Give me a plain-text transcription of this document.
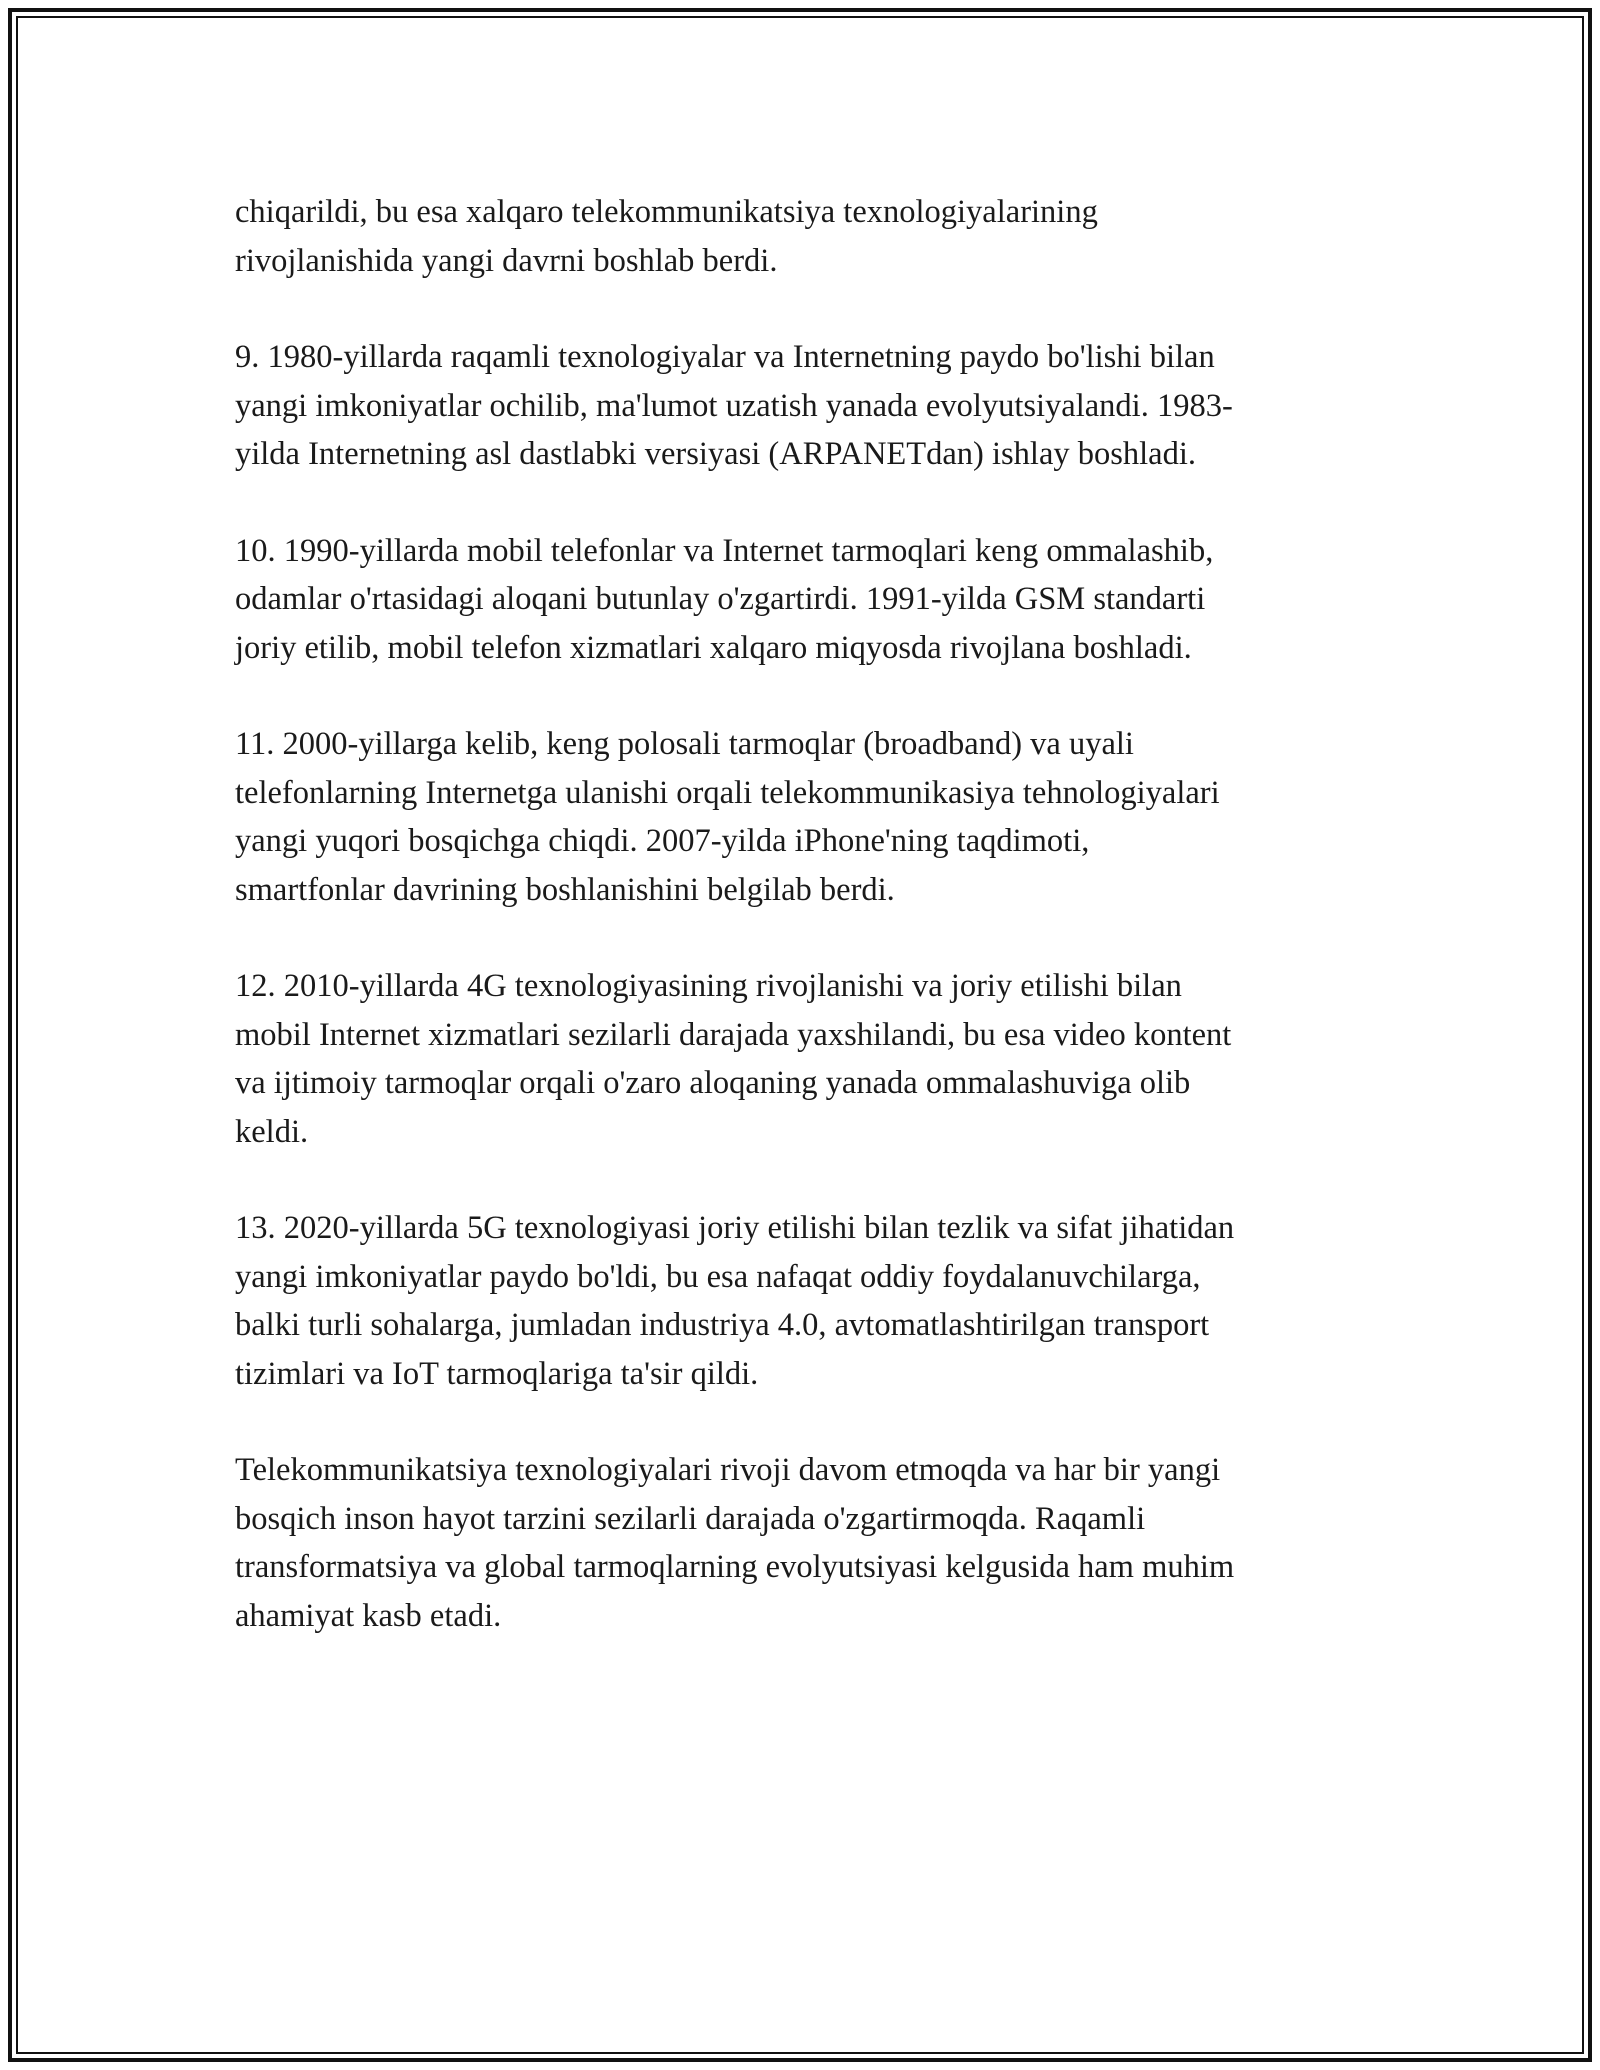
chiqarildi, bu esa xalqaro telekommunikatsiya texnologiyalarining
rivojlanishida yangi davrni boshlab berdi.

9. 1980-yillarda raqamli texnologiyalar va Internetning paydo bo'lishi bilan
yangi imkoniyatlar ochilib, ma'lumot uzatish yanada evolyutsiyalandi. 1983-
yilda Internetning asl dastlabki versiyasi (ARPANETdan) ishlay boshladi.

10. 1990-yillarda mobil telefonlar va Internet tarmoqlari keng ommalashib,
odamlar o'rtasidagi aloqani butunlay o'zgartirdi. 1991-yilda GSM standarti
joriy etilib, mobil telefon xizmatlari xalqaro miqyosda rivojlana boshladi.

11. 2000-yillarga kelib, keng polosali tarmoqlar (broadband) va uyali
telefonlarning Internetga ulanishi orqali telekommunikasiya tehnologiyalari
yangi yuqori bosqichga chiqdi. 2007-yilda iPhone'ning taqdimoti,
smartfonlar davrining boshlanishini belgilab berdi.

12. 2010-yillarda 4G texnologiyasining rivojlanishi va joriy etilishi bilan
mobil Internet xizmatlari sezilarli darajada yaxshilandi, bu esa video kontent
va ijtimoiy tarmoqlar orqali o'zaro aloqaning yanada ommalashuviga olib
keldi.

13. 2020-yillarda 5G texnologiyasi joriy etilishi bilan tezlik va sifat jihatidan
yangi imkoniyatlar paydo bo'ldi, bu esa nafaqat oddiy foydalanuvchilarga,
balki turli sohalarga, jumladan industriya 4.0, avtomatlashtirilgan transport
tizimlari va IoT tarmoqlariga ta'sir qildi.

Telekommunikatsiya texnologiyalari rivoji davom etmoqda va har bir yangi
bosqich inson hayot tarzini sezilarli darajada o'zgartirmoqda. Raqamli
transformatsiya va global tarmoqlarning evolyutsiyasi kelgusida ham muhim
ahamiyat kasb etadi.
